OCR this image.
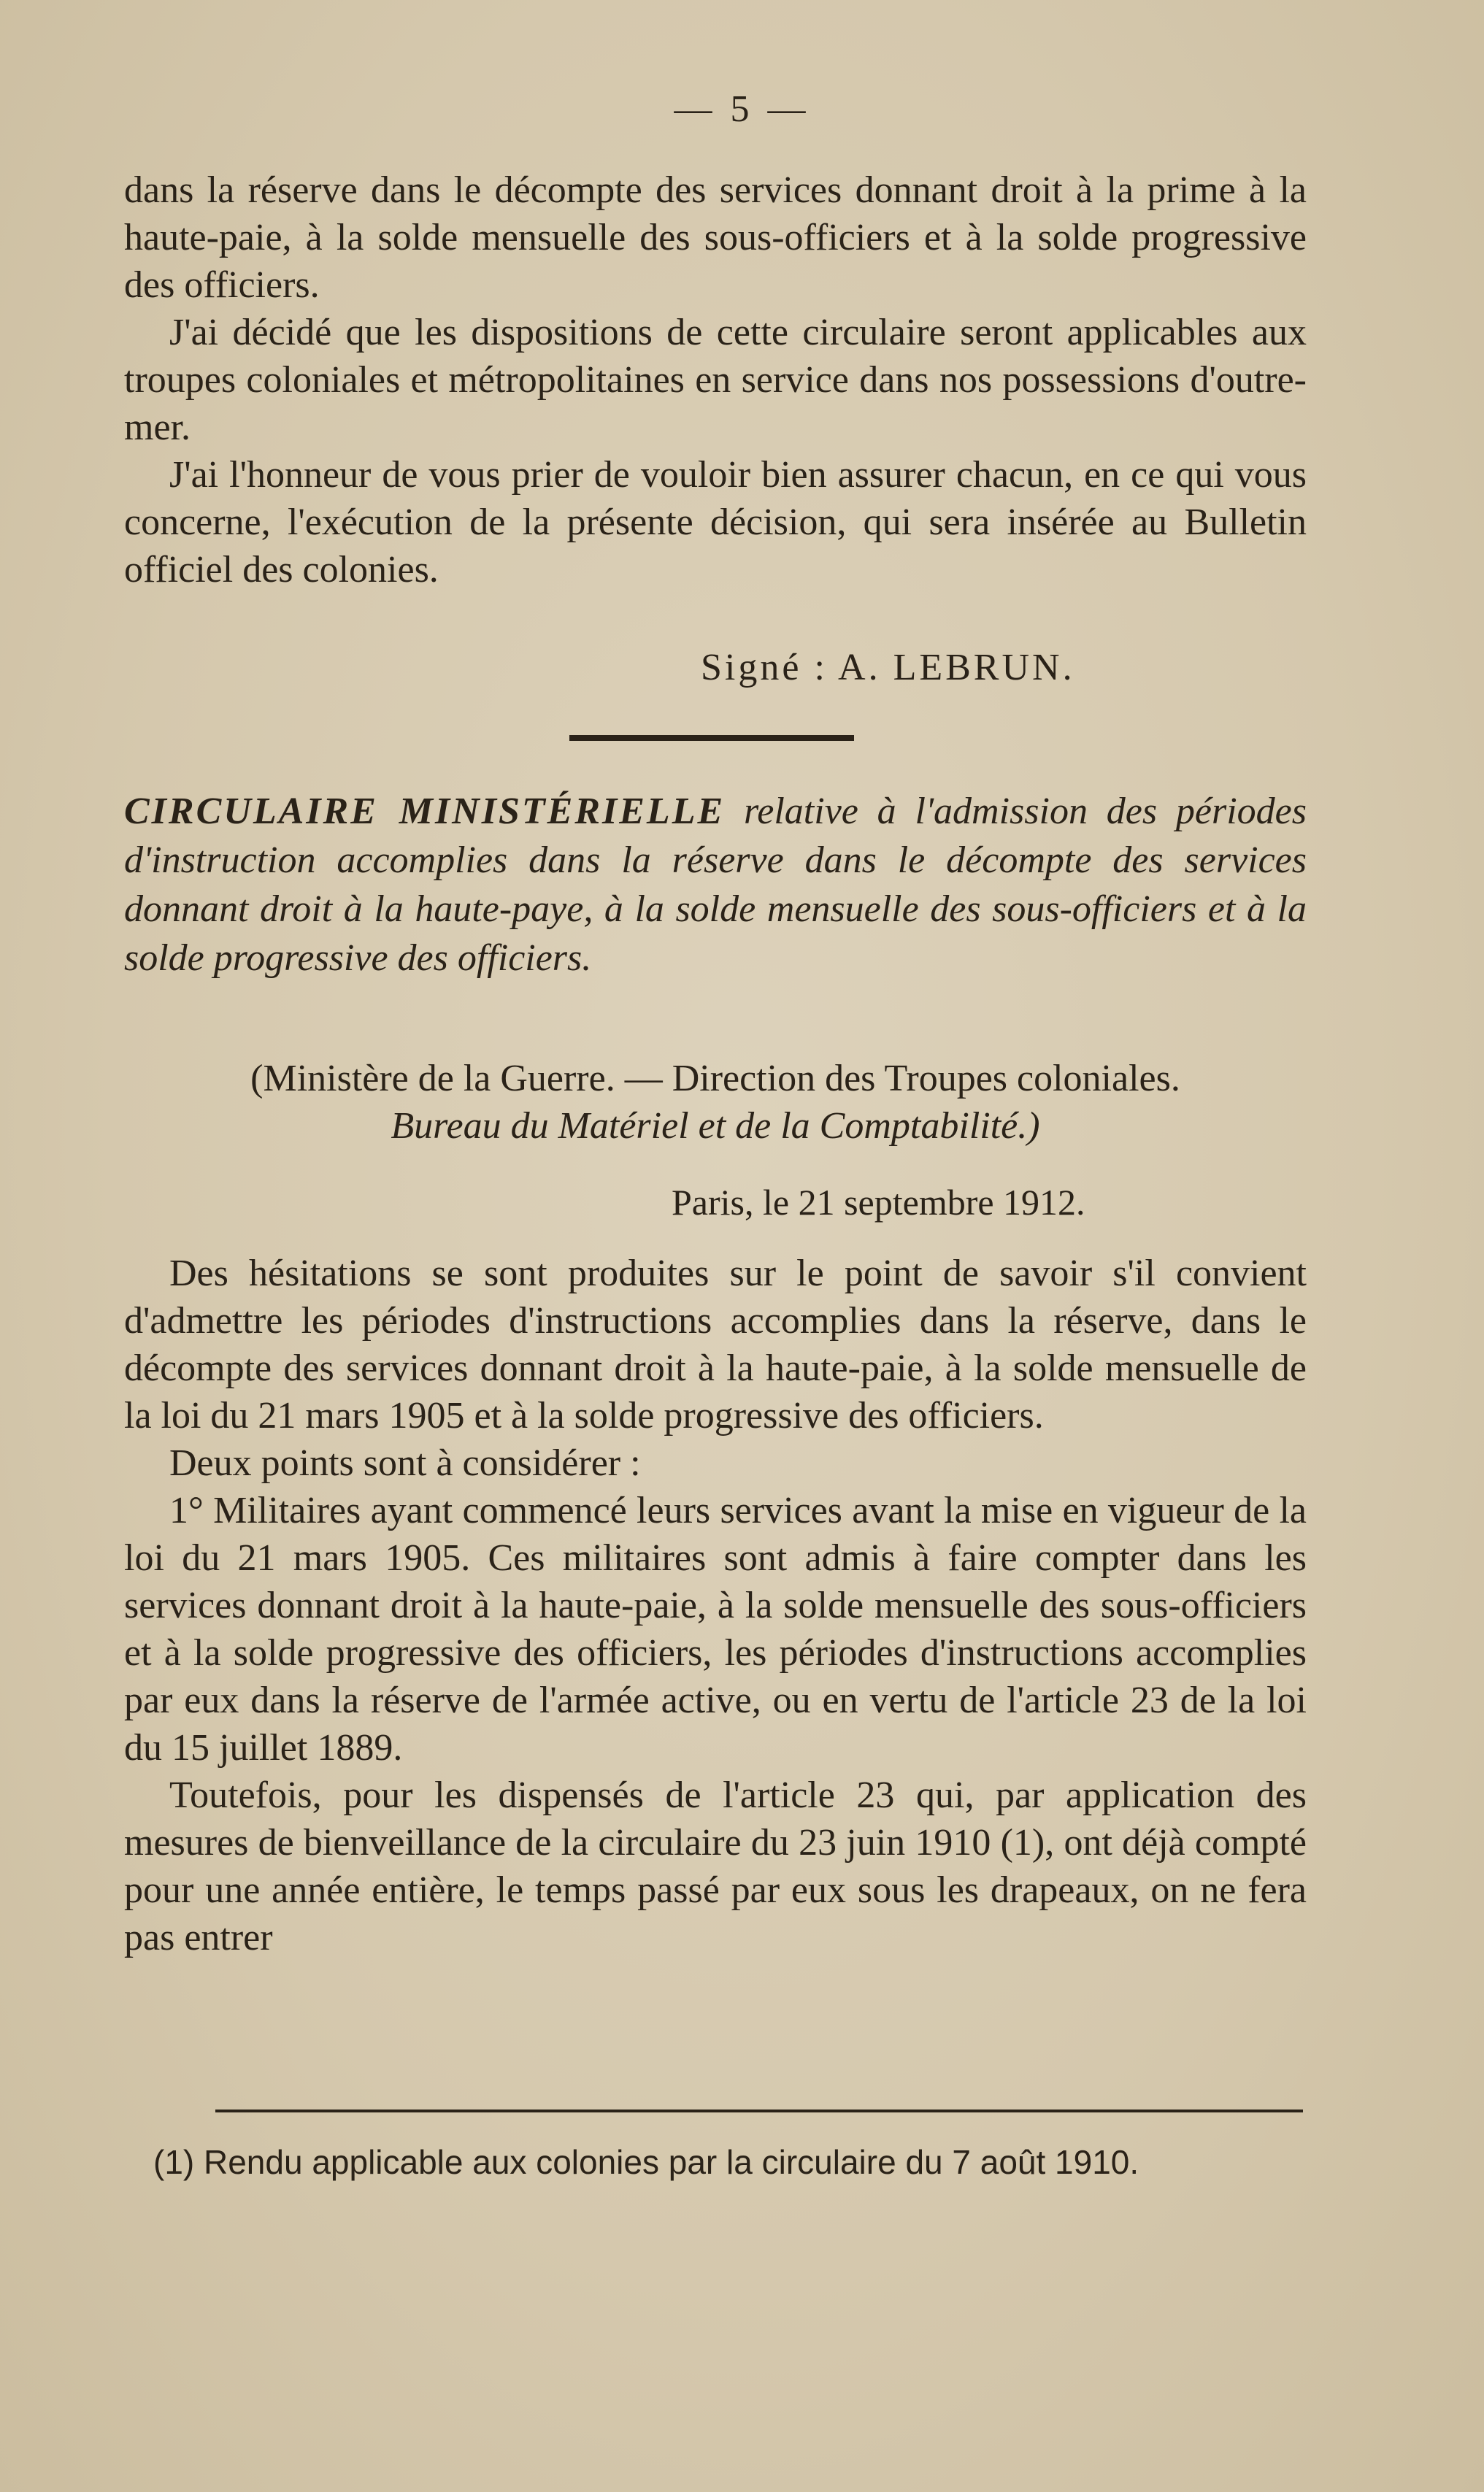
— 5 —

dans la réserve dans le décompte des services donnant droit à la prime à la haute-paie, à la solde mensuelle des sous-officiers et à la solde progressive des officiers.

J'ai décidé que les dispositions de cette circulaire seront applicables aux troupes coloniales et métropolitaines en service dans nos possessions d'outre-mer.

J'ai l'honneur de vous prier de vouloir bien assurer chacun, en ce qui vous concerne, l'exécution de la présente décision, qui sera insérée au Bulletin officiel des colonies.

Signé : A. LEBRUN.

CIRCULAIRE MINISTÉRIELLE relative à l'admission des périodes d'instruction accomplies dans la réserve dans le décompte des services donnant droit à la haute-paye, à la solde mensuelle des sous-officiers et à la solde progressive des officiers.

(Ministère de la Guerre. — Direction des Troupes coloniales.
Bureau du Matériel et de la Comptabilité.)
Paris, le 21 septembre 1912.

Des hésitations se sont produites sur le point de savoir s'il convient d'admettre les périodes d'instructions accomplies dans la réserve, dans le décompte des services donnant droit à la haute-paie, à la solde mensuelle de la loi du 21 mars 1905 et à la solde progressive des officiers.

Deux points sont à considérer :

1° Militaires ayant commencé leurs services avant la mise en vigueur de la loi du 21 mars 1905. Ces militaires sont admis à faire compter dans les services donnant droit à la haute-paie, à la solde mensuelle des sous-officiers et à la solde progressive des officiers, les périodes d'instructions accomplies par eux dans la réserve de l'armée active, ou en vertu de l'article 23 de la loi du 15 juillet 1889.

Toutefois, pour les dispensés de l'article 23 qui, par application des mesures de bienveillance de la circulaire du 23 juin 1910 (1), ont déjà compté pour une année entière, le temps passé par eux sous les drapeaux, on ne fera pas entrer

(1) Rendu applicable aux colonies par la circulaire du 7 août 1910.
